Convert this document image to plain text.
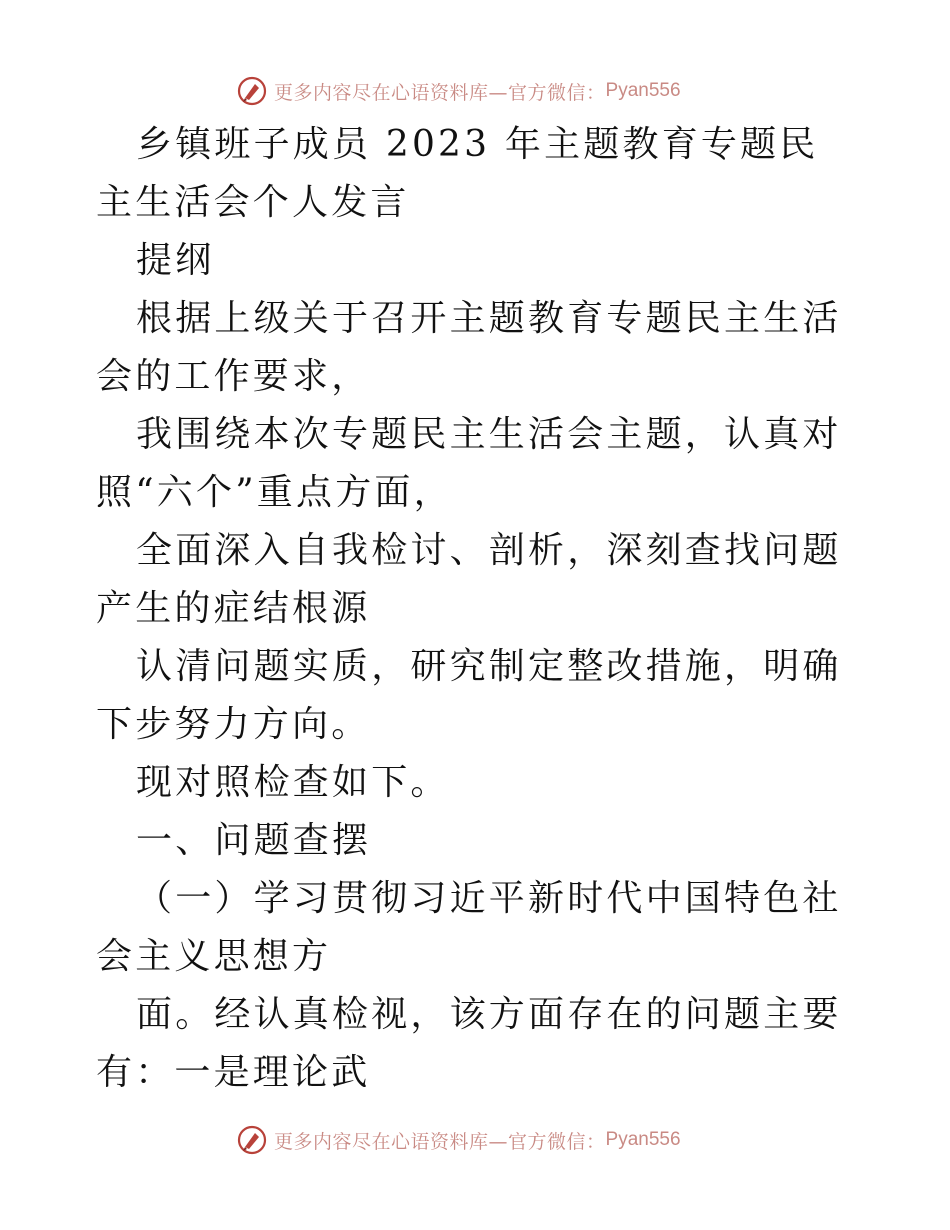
更多内容尽在心语资料库—官方微信： Pyan556

乡镇班子成员 2023 年主题教育专题民主生活会个人发言

提纲

根据上级关于召开主题教育专题民主生活会的工作要求，

我围绕本次专题民主生活会主题，认真对照“六个”重点方面，

全面深入自我检讨、剖析，深刻查找问题产生的症结根源

认清问题实质，研究制定整改措施，明确下步努力方向。

现对照检查如下。

一、问题查摆

（一）学习贯彻习近平新时代中国特色社会主义思想方

面。经认真检视，该方面存在的问题主要有：一是理论武

更多内容尽在心语资料库—官方微信： Pyan556
